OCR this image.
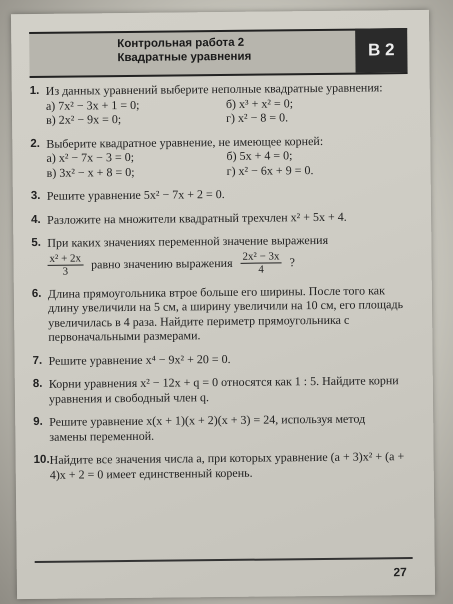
Контрольная работа 2
Квадратные уравнения	В 2
1. Из данных уравнений выберите неполные квадратные уравнения:
а) 7x² − 3x + 1 = 0;	б) x³ + x² = 0;
в) 2x² − 9x = 0;	г) x² − 8 = 0.
2. Выберите квадратное уравнение, не имеющее корней:
а) x² − 7x − 3 = 0;	б) 5x + 4 = 0;
в) 3x² − x + 8 = 0;	г) x² − 6x + 9 = 0.
3. Решите уравнение 5x² − 7x + 2 = 0.
4. Разложите на множители квадратный трехчлен x² + 5x + 4.
5. При каких значениях переменной значение выражения
$\frac{\text{x² + 2x}}{3}$ равно значению выражения $\frac{\text{2x² − 3x}}{4}$ ?
6. Длина прямоугольника втрое больше его ширины. После того как длину увеличили на 5 см, а ширину увеличили на 10 см, его площадь увеличилась в 4 раза. Найдите периметр прямоугольника с первоначальными размерами.
7. Решите уравнение x⁴ − 9x² + 20 = 0.
8. Корни уравнения x² − 12x + q = 0 относятся как 1 : 5. Найдите корни уравнения и свободный член q.
9. Решите уравнение x(x + 1)(x + 2)(x + 3) = 24, используя метод замены переменной.
10. Найдите все значения числа a, при которых уравнение (a + 3)x² + (a + 4)x + 2 = 0 имеет единственный корень.
27
